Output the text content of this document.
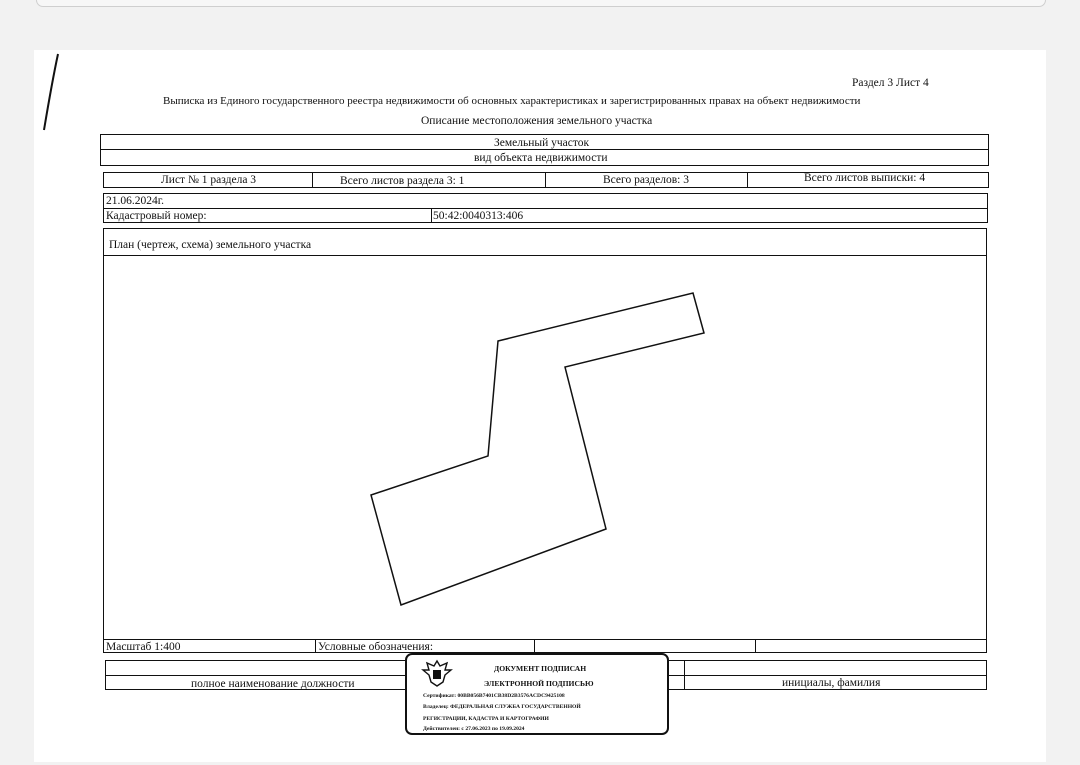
Раздел 3 Лист 4
Выписка из Единого государственного реестра недвижимости об основных характеристиках и зарегистрированных правах на объект недвижимости
Описание местоположения земельного участка
Земельный участок
вид объекта недвижимости
Лист № 1 раздела 3	Всего листов раздела 3: 1	Всего разделов: 3	Всего листов выписки: 4
21.06.2024г.
Кадастровый номер:	50:42:0040313:406
План (чертеж, схема) земельного участка
Масштаб 1:400	Условные обозначения:
полное наименование должности	инициалы, фамилия
ДОКУМЕНТ ПОДПИСАН
ЭЛЕКТРОННОЙ ПОДПИСЬЮ
Сертификат: 00BB056B7401CB38D2B3576ACDC9425108
Владелец: ФЕДЕРАЛЬНАЯ СЛУЖБА ГОСУДАРСТВЕННОЙ
РЕГИСТРАЦИИ, КАДАСТРА И КАРТОГРАФИИ
Действителен: с 27.06.2023 по 19.09.2024
